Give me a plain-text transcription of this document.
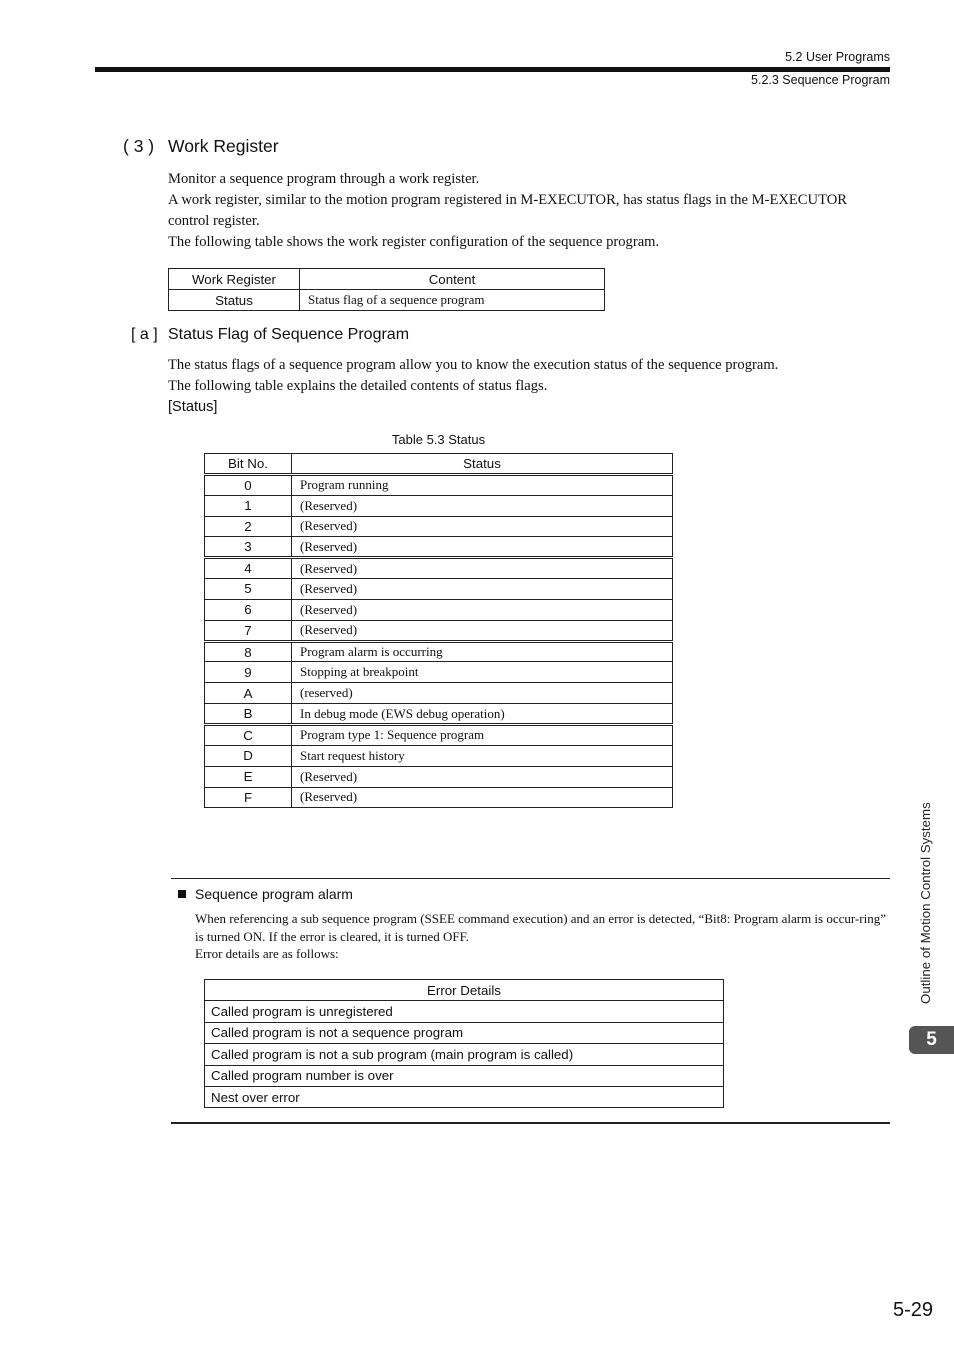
5.2 User Programs
5.2.3 Sequence Program
( 3 ) Work Register
Monitor a sequence program through a work register.
A work register, similar to the motion program registered in M-EXECUTOR, has status flags in the M-EXECUTOR control register.
The following table shows the work register configuration of the sequence program.
Work Register	Content
Status	Status flag of a sequence program
[ a ] Status Flag of Sequence Program
The status flags of a sequence program allow you to know the execution status of the sequence program.
The following table explains the detailed contents of status flags.
[Status]
Table 5.3 Status
Bit No.	Status
0	Program running
1	(Reserved)
2	(Reserved)
3	(Reserved)
4	(Reserved)
5	(Reserved)
6	(Reserved)
7	(Reserved)
8	Program alarm is occurring
9	Stopping at breakpoint
A	(reserved)
B	In debug mode (EWS debug operation)
C	Program type 1: Sequence program
D	Start request history
E	(Reserved)
F	(Reserved)
Sequence program alarm
When referencing a sub sequence program (SSEE command execution) and an error is detected, “Bit8: Program alarm is occur-ring” is turned ON. If the error is cleared, it is turned OFF.
Error details are as follows:
Error Details
Called program is unregistered
Called program is not a sequence program
Called program is not a sub program (main program is called)
Called program number is over
Nest over error
Outline of Motion Control Systems
5
5-29
